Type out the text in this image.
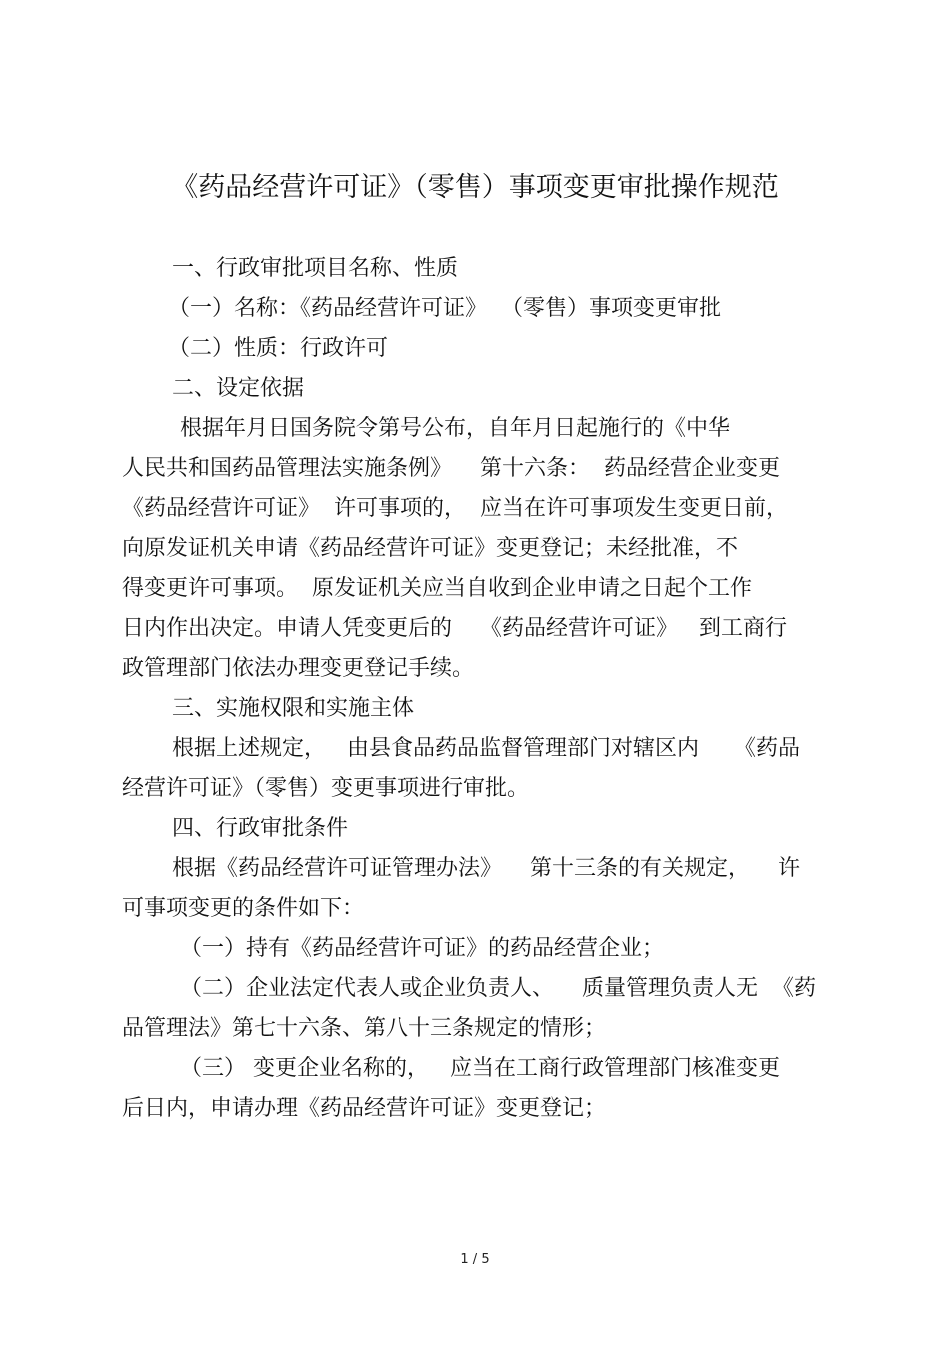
《药品经营许可证》（零售）事项变更审批操作规范
一、行政审批项目名称、性质
（一）名称：《药品经营许可证》  （零售）事项变更审批
（二）性质：行政许可
二、设定依据
根据年月日国务院令第号公布，自年月日起施行的《中华
人民共和国药品管理法实施条例》    第十六条：  药品经营企业变更
《药品经营许可证》  许可事项的，  应当在许可事项发生变更日前，
向原发证机关申请《药品经营许可证》变更登记；未经批准，不
得变更许可事项。  原发证机关应当自收到企业申请之日起个工作
日内作出决定。申请人凭变更后的    《药品经营许可证》   到工商行
政管理部门依法办理变更登记手续。
三、实施权限和实施主体
根据上述规定，   由县食品药品监督管理部门对辖区内     《药品
经营许可证》（零售）变更事项进行审批。
四、行政审批条件
根据《药品经营许可证管理办法》    第十三条的有关规定，    许
可事项变更的条件如下：
（一）持有《药品经营许可证》的药品经营企业；
（二）企业法定代表人或企业负责人、    质量管理负责人无  《药
品管理法》第七十六条、第八十三条规定的情形；
（三） 变更企业名称的，   应当在工商行政管理部门核准变更
后日内，申请办理《药品经营许可证》变更登记；
1 / 5
